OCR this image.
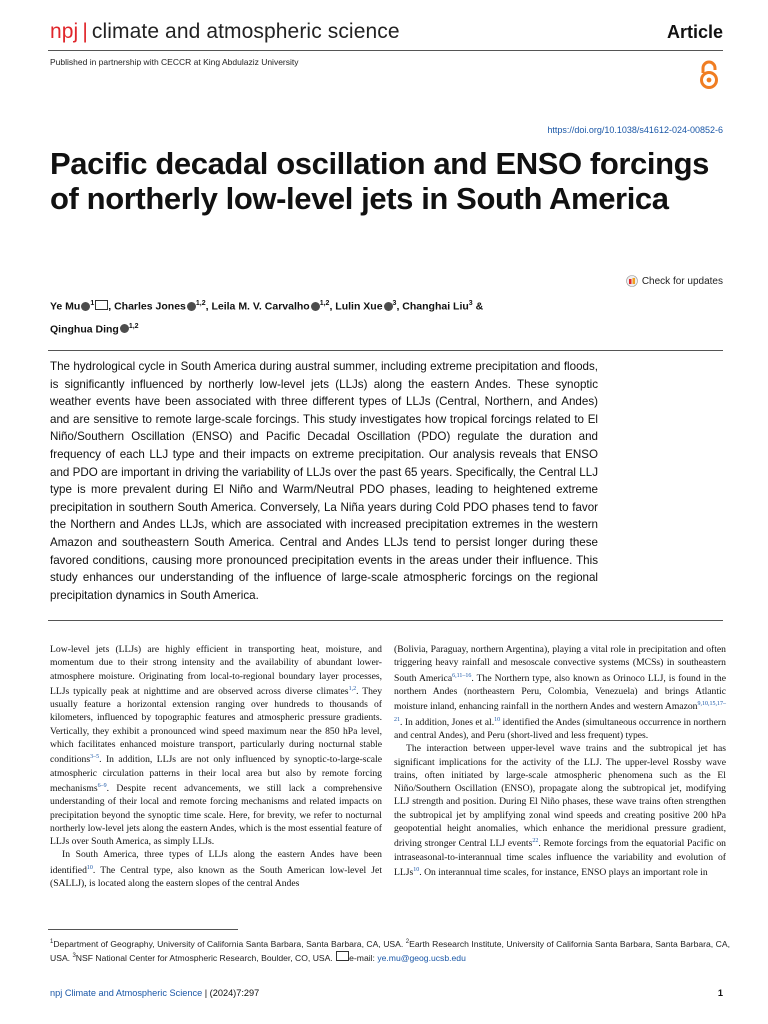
npj | climate and atmospheric science	Article
Published in partnership with CECCR at King Abdulaziz University
https://doi.org/10.1038/s41612-024-00852-6
Pacific decadal oscillation and ENSO forcings of northerly low-level jets in South America
Check for updates
Ye Mu $^1$ , Charles Jones $^{1,2}$, Leila M. V. Carvalho $^{1,2}$, Lulin Xue $^3$, Changhai Liu$^3$ &
Qinghua Ding $^{1,2}$
The hydrological cycle in South America during austral summer, including extreme precipitation and floods, is significantly influenced by northerly low-level jets (LLJs) along the eastern Andes. These synoptic weather events have been associated with three different types of LLJs (Central, Northern, and Andes) and are sensitive to remote large-scale forcings. This study investigates how tropical forcings related to El Niño/Southern Oscillation (ENSO) and Pacific Decadal Oscillation (PDO) regulate the duration and frequency of each LLJ type and their impacts on extreme precipitation. Our analysis reveals that ENSO and PDO are important in driving the variability of LLJs over the past 65 years. Specifically, the Central LLJ type is more prevalent during El Niño and Warm/Neutral PDO phases, leading to heightened extreme precipitation in southern South America. Conversely, La Niña years during Cold PDO phases tend to favor the Northern and Andes LLJs, which are associated with increased precipitation extremes in the western Amazon and southeastern South America. Central and Andes LLJs tend to persist longer during these favored conditions, causing more pronounced precipitation events in the areas under their influence. This study enhances our understanding of the influence of large-scale atmospheric forcings on the regional precipitation dynamics in South America.

Low-level jets (LLJs) are highly efficient in transporting heat, moisture, and momentum due to their strong intensity and the availability of abundant lower-atmosphere moisture. Originating from local-to-regional boundary layer processes, LLJs typically peak at nighttime and are observed across diverse climates$^{1,2}$. They usually feature a horizontal extension ranging over hundreds to thousands of kilometers, influenced by topographic features and atmospheric pressure gradients. Vertically, they exhibit a pronounced wind speed maximum near the 850 hPa level, which facilitates enhanced moisture transport, particularly during nocturnal stable conditions$^{3-5}$. In addition, LLJs are not only influenced by synoptic-to-large-scale atmospheric circulation patterns in their local area but also by remote forcing mechanisms$^{6-9}$. Despite recent advancements, we still lack a comprehensive understanding of their local and remote forcing mechanisms and related impacts on precipitation beyond the synoptic time scale. Here, for brevity, we refer to nocturnal northerly low-level jets along the eastern Andes, which is the most essential feature of LLJs over South America, as simply LLJs.

In South America, three types of LLJs along the eastern Andes have been identified$^{10}$. The Central type, also known as the South American low-level Jet (SALLJ), is located along the eastern slopes of the central Andes

(Bolivia, Paraguay, northern Argentina), playing a vital role in precipitation and often triggering heavy rainfall and mesoscale convective systems (MCSs) in southeastern South America$^{6,11-16}$. The Northern type, also known as Orinoco LLJ, is found in the northern Andes (northeastern Peru, Colombia, Venezuela) and brings Atlantic moisture inland, enhancing rainfall in the northern Andes and western Amazon$^{9,10,15,17-21}$. In addition, Jones et al.$^{10}$ identified the Andes (simultaneous occurrence in northern and central Andes), and Peru (short-lived and less frequent) types.

The interaction between upper-level wave trains and the subtropical jet has significant implications for the activity of the LLJ. The upper-level Rossby wave trains, often initiated by large-scale atmospheric phenomena such as the El Niño/Southern Oscillation (ENSO), propagate along the subtropical jet, modifying LLJ strength and position. During El Niño phases, these wave trains often strengthen the subtropical jet by amplifying zonal wind speeds and creating positive 200 hPa geopotential height anomalies, which enhance the meridional pressure gradient, driving stronger Central LLJ events$^{22}$. Remote forcings from the equatorial Pacific on intraseasonal-to-interannual time scales influence the variability and evolution of LLJs$^{10}$. On interannual time scales, for instance, ENSO plays an important role in

$^1$Department of Geography, University of California Santa Barbara, Santa Barbara, CA, USA. $^2$Earth Research Institute, University of California Santa Barbara, Santa Barbara, CA, USA. $^3$NSF National Center for Atmospheric Research, Boulder, CO, USA. e-mail: ye.mu@geog.ucsb.edu
npj Climate and Atmospheric Science | (2024)7:297	1
